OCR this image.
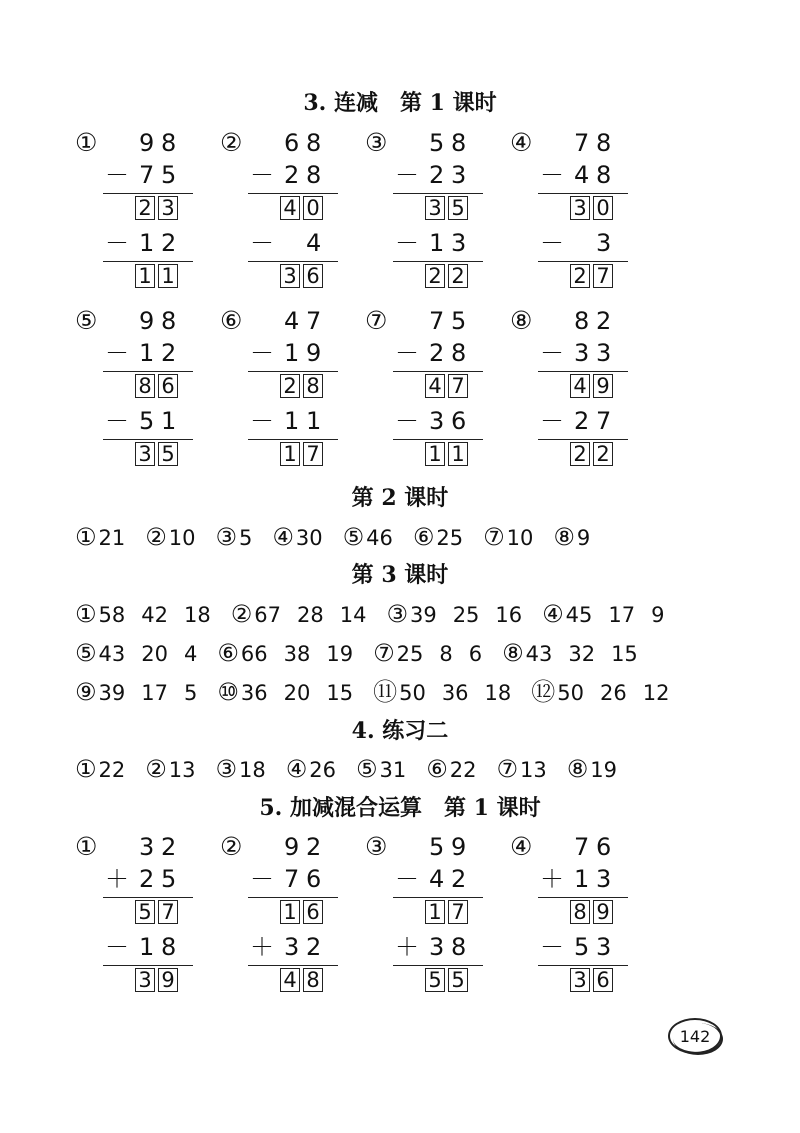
3. 连减　第 1 课时
① 9 8
－ 7 5
2 3
－ 1 2
1 1
② 6 8
－ 2 8
4 0
－ 4
3 6
③ 5 8
－ 2 3
3 5
－ 1 3
2 2
④ 7 8
－ 4 8
3 0
－ 3
2 7
⑤ 9 8
－ 1 2
8 6
－ 5 1
3 5
⑥ 4 7
－ 1 9
2 8
－ 1 1
1 7
⑦ 7 5
－ 2 8
4 7
－ 3 6
1 1
⑧ 8 2
－ 3 3
4 9
－ 2 7
2 2
第 2 课时
①21 ②10 ③5 ④30 ⑤46 ⑥25 ⑦10 ⑧9
第 3 课时
①58 42 18 ②67 28 14 ③39 25 16 ④45 17 9
⑤43 20 4 ⑥66 38 19 ⑦25 8 6 ⑧43 32 15
⑨39 17 5 ⑩36 20 15 ⑪50 36 18 ⑫50 26 12
4. 练习二
①22 ②13 ③18 ④26 ⑤31 ⑥22 ⑦13 ⑧19
5. 加减混合运算　第 1 课时
① 3 2
＋ 2 5
5 7
－ 1 8
3 9
② 9 2
－ 7 6
1 6
＋ 3 2
4 8
③ 5 9
－ 4 2
1 7
＋ 3 8
5 5
④ 7 6
＋ 1 3
8 9
－ 5 3
3 6
142
